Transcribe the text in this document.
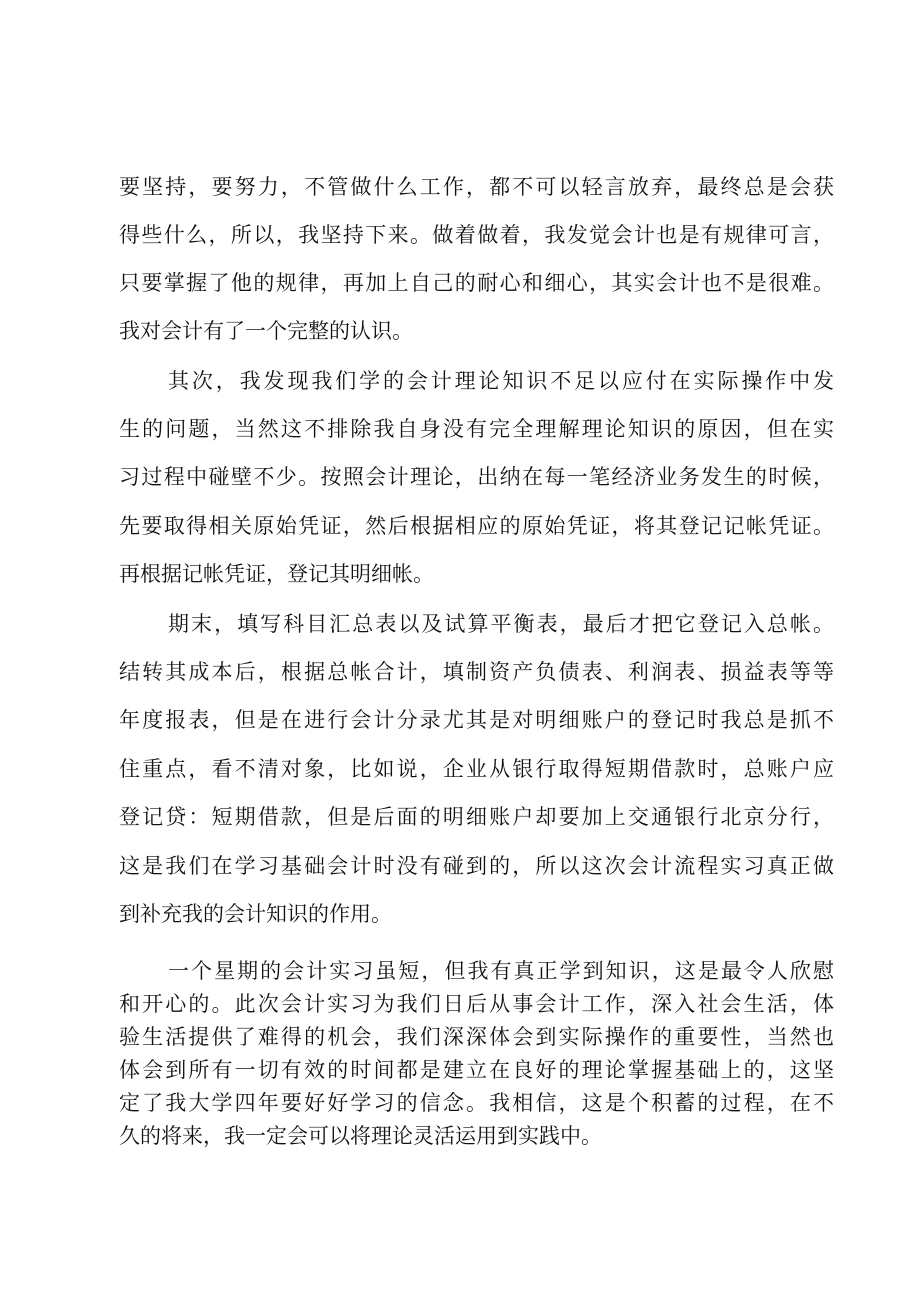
要坚持，要努力，不管做什么工作，都不可以轻言放弃，最终总是会获
得些什么，所以，我坚持下来。做着做着，我发觉会计也是有规律可言，
只要掌握了他的规律，再加上自己的耐心和细心，其实会计也不是很难。
我对会计有了一个完整的认识。
其次，我发现我们学的会计理论知识不足以应付在实际操作中发
生的问题，当然这不排除我自身没有完全理解理论知识的原因，但在实
习过程中碰壁不少。按照会计理论，出纳在每一笔经济业务发生的时候，
先要取得相关原始凭证，然后根据相应的原始凭证，将其登记记帐凭证。
再根据记帐凭证，登记其明细帐。
期末，填写科目汇总表以及试算平衡表，最后才把它登记入总帐。
结转其成本后，根据总帐合计，填制资产负债表、利润表、损益表等等
年度报表，但是在进行会计分录尤其是对明细账户的登记时我总是抓不
住重点，看不清对象，比如说，企业从银行取得短期借款时，总账户应
登记贷：短期借款，但是后面的明细账户却要加上交通银行北京分行，
这是我们在学习基础会计时没有碰到的，所以这次会计流程实习真正做
到补充我的会计知识的作用。
一个星期的会计实习虽短，但我有真正学到知识，这是最令人欣慰
和开心的。此次会计实习为我们日后从事会计工作，深入社会生活，体
验生活提供了难得的机会，我们深深体会到实际操作的重要性，当然也
体会到所有一切有效的时间都是建立在良好的理论掌握基础上的，这坚
定了我大学四年要好好学习的信念。我相信，这是个积蓄的过程，在不
久的将来，我一定会可以将理论灵活运用到实践中。
